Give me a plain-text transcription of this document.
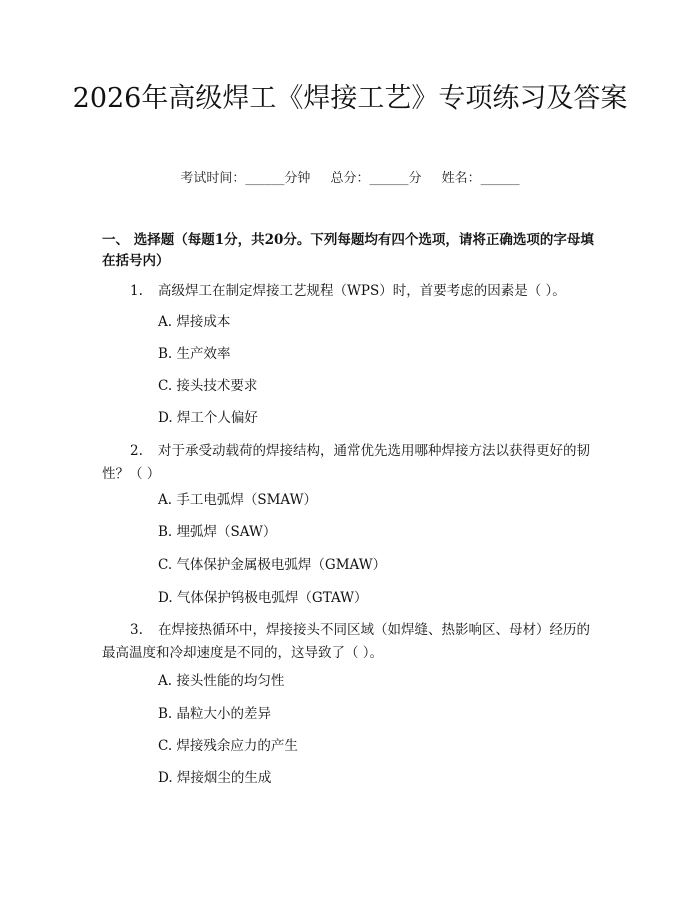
2026年高级焊工《焊接工艺》专项练习及答案
考试时间：______分钟 总分：______分 姓名：______
一、 选择题（每题1分，共20分。下列每题均有四个选项，请将正确选项的字母填在括号内）
1. 高级焊工在制定焊接工艺规程（WPS）时，首要考虑的因素是（ ）。
A. 焊接成本
B. 生产效率
C. 接头技术要求
D. 焊工个人偏好
2. 对于承受动载荷的焊接结构，通常优先选用哪种焊接方法以获得更好的韧性？（ ）
A. 手工电弧焊（SMAW）
B. 埋弧焊（SAW）
C. 气体保护金属极电弧焊（GMAW）
D. 气体保护钨极电弧焊（GTAW）
3. 在焊接热循环中，焊接接头不同区域（如焊缝、热影响区、母材）经历的最高温度和冷却速度是不同的，这导致了（ ）。
A. 接头性能的均匀性
B. 晶粒大小的差异
C. 焊接残余应力的产生
D. 焊接烟尘的生成
